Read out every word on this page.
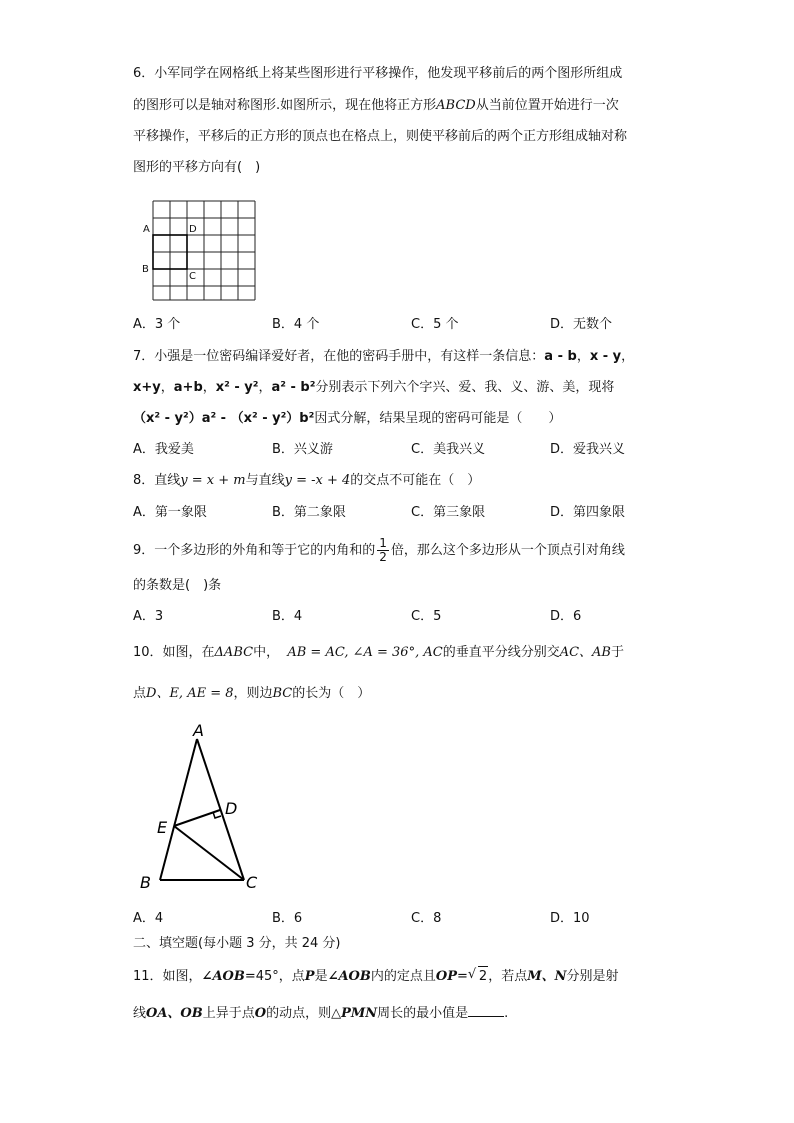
6．小军同学在网格纸上将某些图形进行平移操作，他发现平移前后的两个图形所组成
的图形可以是轴对称图形.如图所示，现在他将正方形ABCD从当前位置开始进行一次
平移操作，平移后的正方形的顶点也在格点上，则使平移前后的两个正方形组成轴对称
图形的平移方向有(　)
A	D
B
C
A．3 个	B．4 个	C．5 个	D．无数个
7．小强是一位密码编译爱好者，在他的密码手册中，有这样一条信息：a - b，x - y，
x+y，a+b，x² - y²，a² - b²分别表示下列六个字兴、爱、我、义、游、美，现将
（x² - y²）a² - （x² - y²）b²因式分解，结果呈现的密码可能是（　　）
A．我爱美	B．兴义游	C．美我兴义	D．爱我兴义
8．直线y = x + m与直线y = -x + 4的交点不可能在（　）
A．第一象限	B．第二象限	C．第三象限	D．第四象限
9．一个多边形的外角和等于它的内角和的 $\frac{1}{2}$ 倍，那么这个多边形从一个顶点引对角线
的条数是(　)条
A．3	B．4	C．5	D．6
10．如图，在ΔABC中， AB = AC, ∠A = 36°, AC的垂直平分线分别交AC、AB于
点D、E, AE = 8，则边BC的长为（　）
A
D
E
B	C
A．4	B．6	C．8	D．10
二、填空题(每小题 3 分，共 24 分)
11．如图，∠AOB=45°，点P是∠AOB内的定点且OP=√ 2，若点M、N分别是射
线OA、OB上异于点O的动点，则△PMN周长的最小值是	.
